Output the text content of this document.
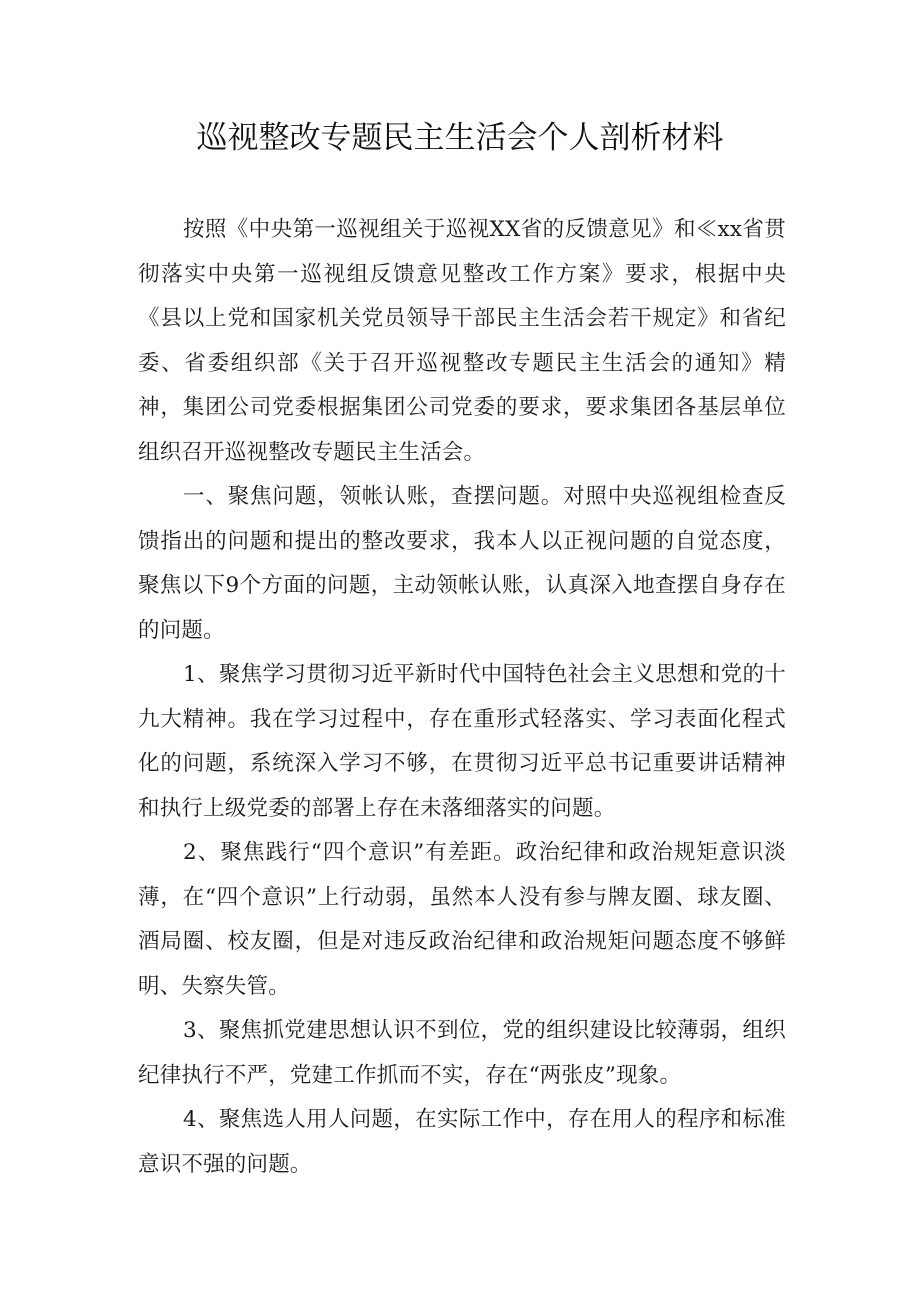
巡视整改专题民主生活会个人剖析材料

按照《中央第一巡视组关于巡视XX省的反馈意见》和≪xx省贯彻落实中央第一巡视组反馈意见整改工作方案》要求，根据中央《县以上党和国家机关党员领导干部民主生活会若干规定》和省纪委、省委组织部《关于召开巡视整改专题民主生活会的通知》精神，集团公司党委根据集团公司党委的要求，要求集团各基层单位组织召开巡视整改专题民主生活会。

一、聚焦问题，领帐认账，查摆问题。对照中央巡视组检查反馈指出的问题和提出的整改要求，我本人以正视问题的自觉态度，聚焦以下9个方面的问题，主动领帐认账，认真深入地查摆自身存在的问题。

1、聚焦学习贯彻习近平新时代中国特色社会主义思想和党的十九大精神。我在学习过程中，存在重形式轻落实、学习表面化程式化的问题，系统深入学习不够，在贯彻习近平总书记重要讲话精神和执行上级党委的部署上存在未落细落实的问题。

2、聚焦践行“四个意识”有差距。政治纪律和政治规矩意识淡薄，在“四个意识”上行动弱，虽然本人没有参与牌友圈、球友圈、酒局圈、校友圈，但是对违反政治纪律和政治规矩问题态度不够鲜明、失察失管。

3、聚焦抓党建思想认识不到位，党的组织建设比较薄弱，组织纪律执行不严，党建工作抓而不实，存在“两张皮”现象。

4、聚焦选人用人问题，在实际工作中，存在用人的程序和标准意识不强的问题。
